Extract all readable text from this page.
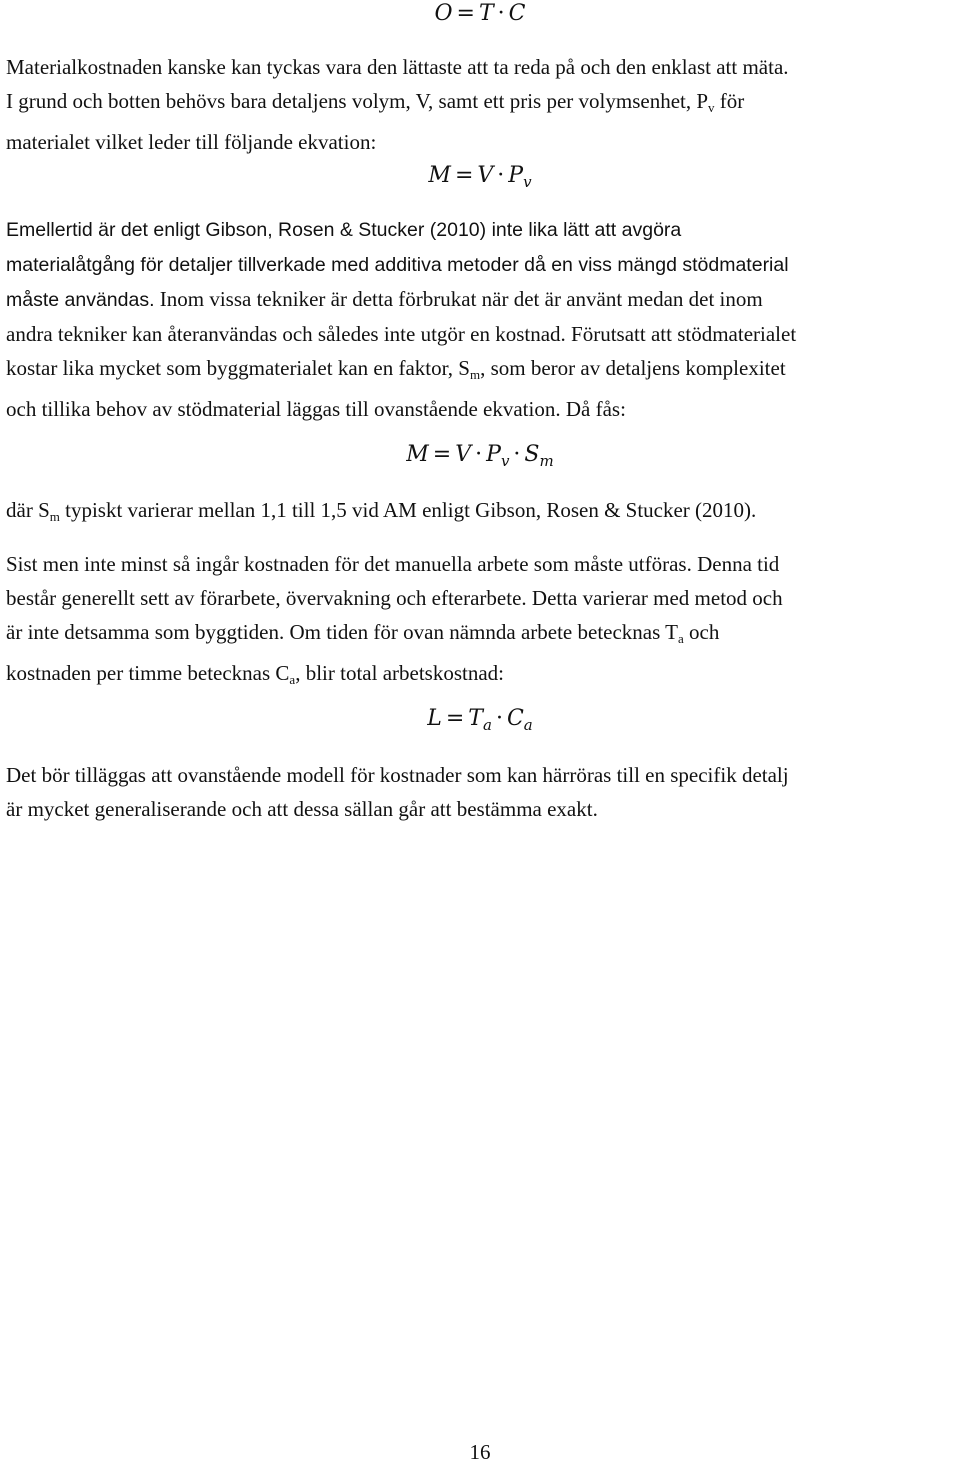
O = T · C
Materialkostnaden kanske kan tyckas vara den lättaste att ta reda på och den enklast att mäta.
I grund och botten behövs bara detaljens volym, V, samt ett pris per volymsenhet, Pv för
materialet vilket leder till följande ekvation:
$M = V \cdot P_v$
Emellertid är det enligt Gibson, Rosen & Stucker (2010) inte lika lätt att avgöra
materialåtgång för detaljer tillverkade med additiva metoder då en viss mängd stödmaterial
måste användas. Inom vissa tekniker är detta förbrukat när det är använt medan det inom
andra tekniker kan återanvändas och således inte utgör en kostnad. Förutsatt att stödmaterialet
kostar lika mycket som byggmaterialet kan en faktor, Sm, som beror av detaljens komplexitet
och tillika behov av stödmaterial läggas till ovanstående ekvation. Då fås:
$M = V \cdot P_v \cdot S_m$
där Sm typiskt varierar mellan 1,1 till 1,5 vid AM enligt Gibson, Rosen & Stucker (2010).
Sist men inte minst så ingår kostnaden för det manuella arbete som måste utföras. Denna tid
består generellt sett av förarbete, övervakning och efterarbete. Detta varierar med metod och
är inte detsamma som byggtiden. Om tiden för ovan nämnda arbete betecknas Ta och
kostnaden per timme betecknas Ca, blir total arbetskostnad:
$L = T_a \cdot C_a$
Det bör tilläggas att ovanstående modell för kostnader som kan härröras till en specifik detalj
är mycket generaliserande och att dessa sällan går att bestämma exakt.
16
